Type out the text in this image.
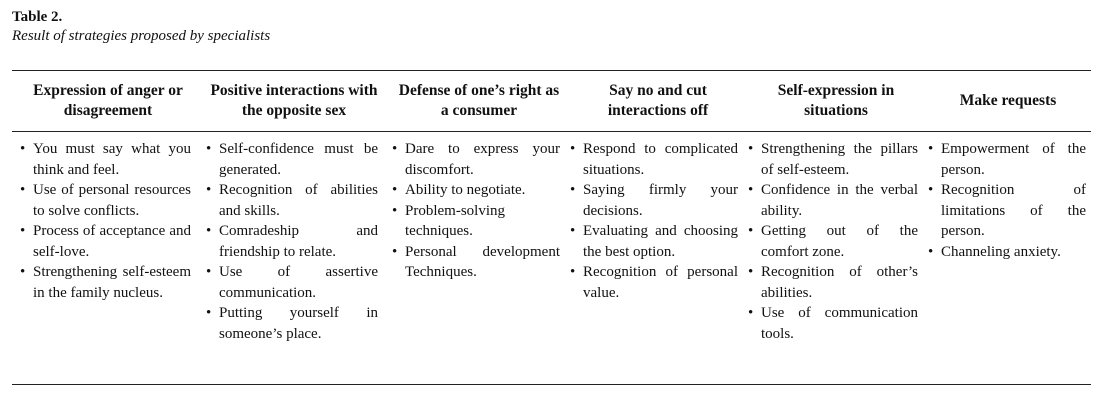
Table 2.
Result of strategies proposed by specialists
Expression of anger or disagreement
Positive interactions with the opposite sex
Defense of one’s right as a consumer
Say no and cut interactions off
Self-expression in situations
Make requests
• You must say what you think and feel.
• Use of personal resources to solve conflicts.
• Process of acceptance and self-love.
• Strengthening self-esteem in the family nucleus.
• Self-confidence must be generated.
• Recognition of abilities and skills.
• Comradeship and friendship to relate.
• Use of assertive communication.
• Putting yourself in someone’s place.
• Dare to express your discomfort.
• Ability to negotiate.
• Problem-solving techniques.
• Personal development Techniques.
• Respond to complicated situations.
• Saying firmly your decisions.
• Evaluating and choosing the best option.
• Recognition of personal value.
• Strengthening the pillars of self-esteem.
• Confidence in the verbal ability.
• Getting out of the comfort zone.
• Recognition of other’s abilities.
• Use of communication tools.
• Empowerment of the person.
• Recognition of limitations of the person.
• Channeling anxiety.
